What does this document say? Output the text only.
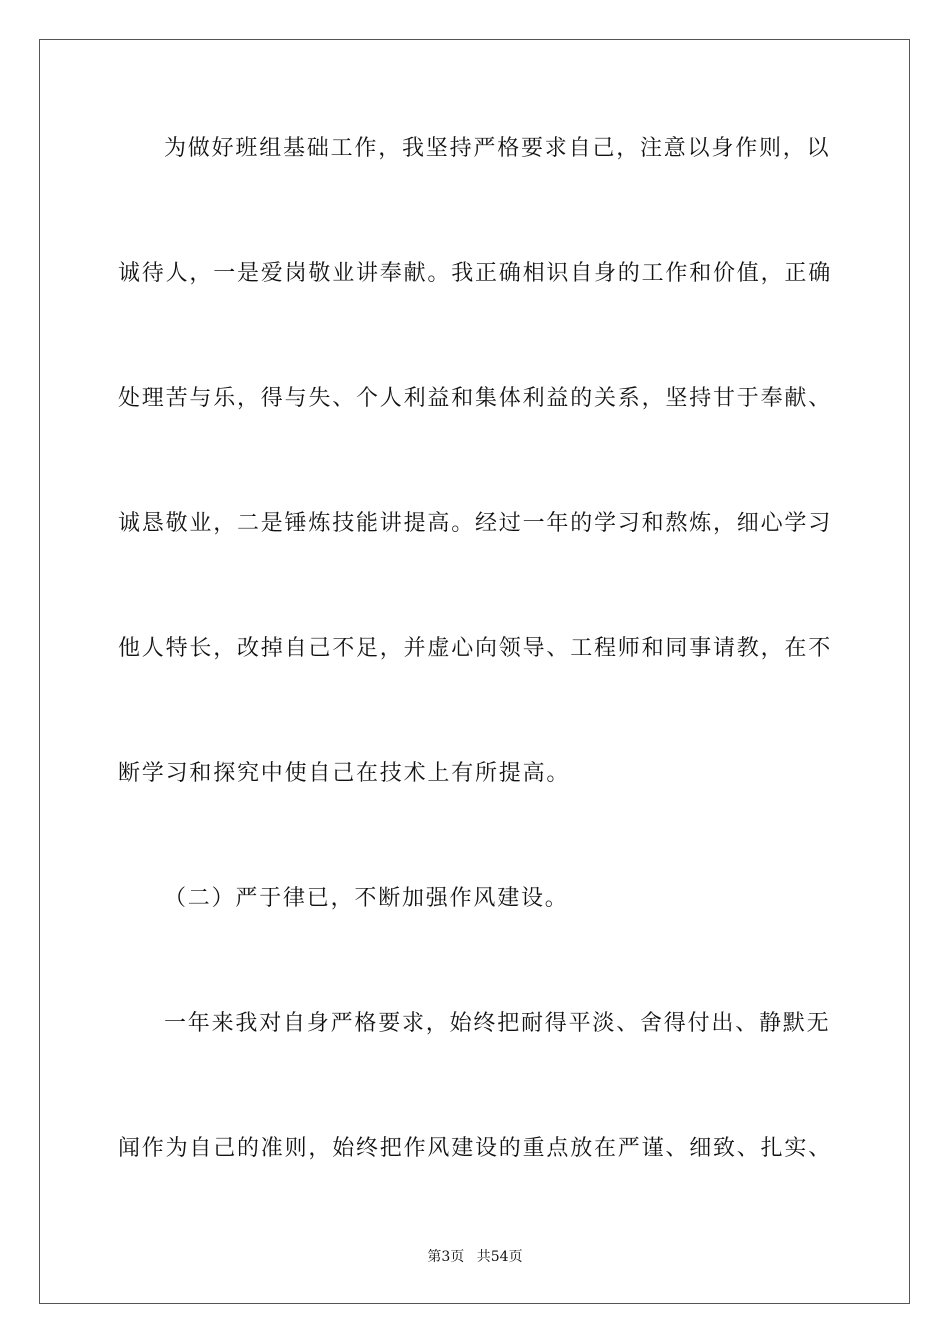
为做好班组基础工作，我坚持严格要求自己，注意以身作则，以
诚待人，一是爱岗敬业讲奉献。我正确相识自身的工作和价值，正确
处理苦与乐，得与失、个人利益和集体利益的关系，坚持甘于奉献、
诚恳敬业，二是锤炼技能讲提高。经过一年的学习和熬炼，细心学习
他人特长，改掉自己不足，并虚心向领导、工程师和同事请教，在不
断学习和探究中使自己在技术上有所提高。
（二）严于律已，不断加强作风建设。
一年来我对自身严格要求，始终把耐得平淡、舍得付出、静默无
闻作为自己的准则，始终把作风建设的重点放在严谨、细致、扎实、
第3页 共54页
